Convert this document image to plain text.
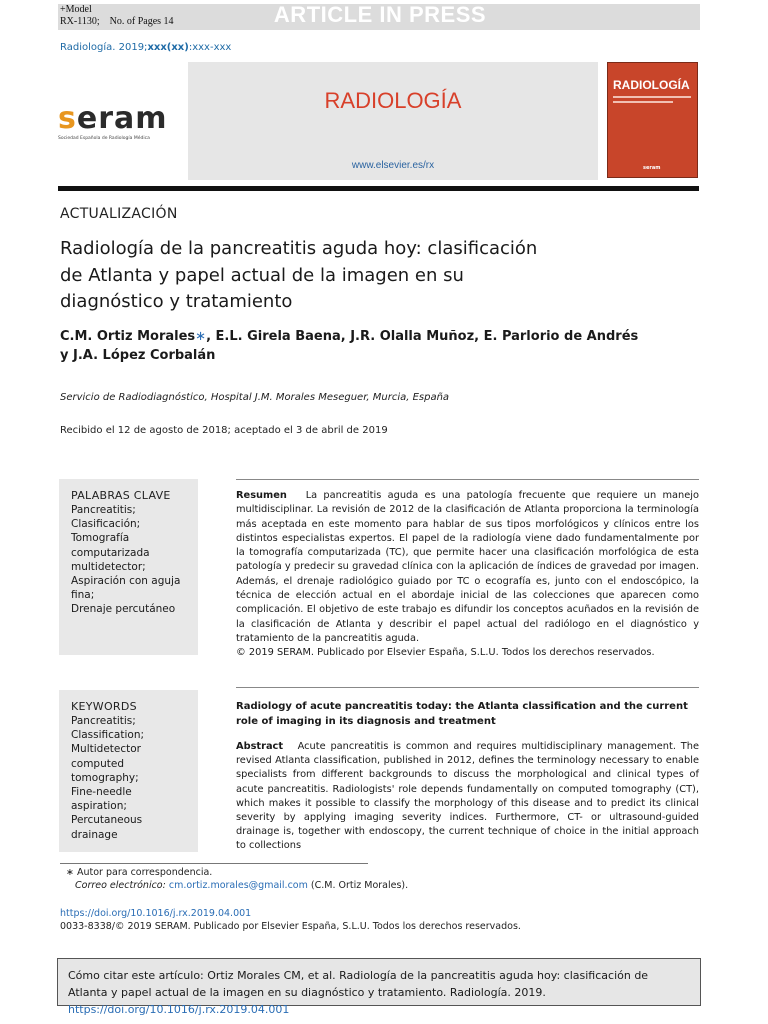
+Model
RX-1130; No. of Pages 14	ARTICLE IN PRESS
Radiología. 2019;xxx(xx):xxx-xxx
seram
Sociedad Española de Radiología Médica
RADIOLOGÍA
www.elsevier.es/rx
RADIOLOGÍA
seram
ACTUALIZACIÓN
Radiología de la pancreatitis aguda hoy: clasificación
de Atlanta y papel actual de la imagen en su
diagnóstico y tratamiento
C.M. Ortiz Morales∗, E.L. Girela Baena, J.R. Olalla Muñoz, E. Parlorio de Andrés
y J.A. López Corbalán
Servicio de Radiodiagnóstico, Hospital J.M. Morales Meseguer, Murcia, España
Recibido el 12 de agosto de 2018; aceptado el 3 de abril de 2019
PALABRAS CLAVE
Pancreatitis;
Clasificación;
Tomografía
computarizada
multidetector;
Aspiración con aguja
fina;
Drenaje percutáneo
KEYWORDS
Pancreatitis;
Classification;
Multidetector
computed
tomography;
Fine-needle
aspiration;
Percutaneous
drainage
Resumen La pancreatitis aguda es una patología frecuente que requiere un manejo multidisciplinar. La revisión de 2012 de la clasificación de Atlanta proporciona la terminología más aceptada en este momento para hablar de sus tipos morfológicos y clínicos entre los distintos especialistas expertos. El papel de la radiología viene dado fundamentalmente por la tomografía computarizada (TC), que permite hacer una clasificación morfológica de esta patología y predecir su gravedad clínica con la aplicación de índices de gravedad por imagen. Además, el drenaje radiológico guiado por TC o ecografía es, junto con el endoscópico, la técnica de elección actual en el abordaje inicial de las colecciones que aparecen como complicación. El objetivo de este trabajo es difundir los conceptos acuñados en la revisión de la clasificación de Atlanta y describir el papel actual del radiólogo en el diagnóstico y tratamiento de la pancreatitis aguda.
© 2019 SERAM. Publicado por Elsevier España, S.L.U. Todos los derechos reservados.
Radiology of acute pancreatitis today: the Atlanta classification and the current role of imaging in its diagnosis and treatment
Abstract Acute pancreatitis is common and requires multidisciplinary management. The revised Atlanta classification, published in 2012, defines the terminology necessary to enable specialists from different backgrounds to discuss the morphological and clinical types of acute pancreatitis. Radiologists' role depends fundamentally on computed tomography (CT), which makes it possible to classify the morphology of this disease and to predict its clinical severity by applying imaging severity indices. Furthermore, CT- or ultrasound-guided drainage is, together with endoscopy, the current technique of choice in the initial approach to collections
∗ Autor para correspondencia.
Correo electrónico: cm.ortiz.morales@gmail.com (C.M. Ortiz Morales).
https://doi.org/10.1016/j.rx.2019.04.001
0033-8338/© 2019 SERAM. Publicado por Elsevier España, S.L.U. Todos los derechos reservados.
Cómo citar este artículo: Ortiz Morales CM, et al. Radiología de la pancreatitis aguda hoy: clasificación de Atlanta y papel actual de la imagen en su diagnóstico y tratamiento. Radiología. 2019. https://doi.org/10.1016/j.rx.2019.04.001
